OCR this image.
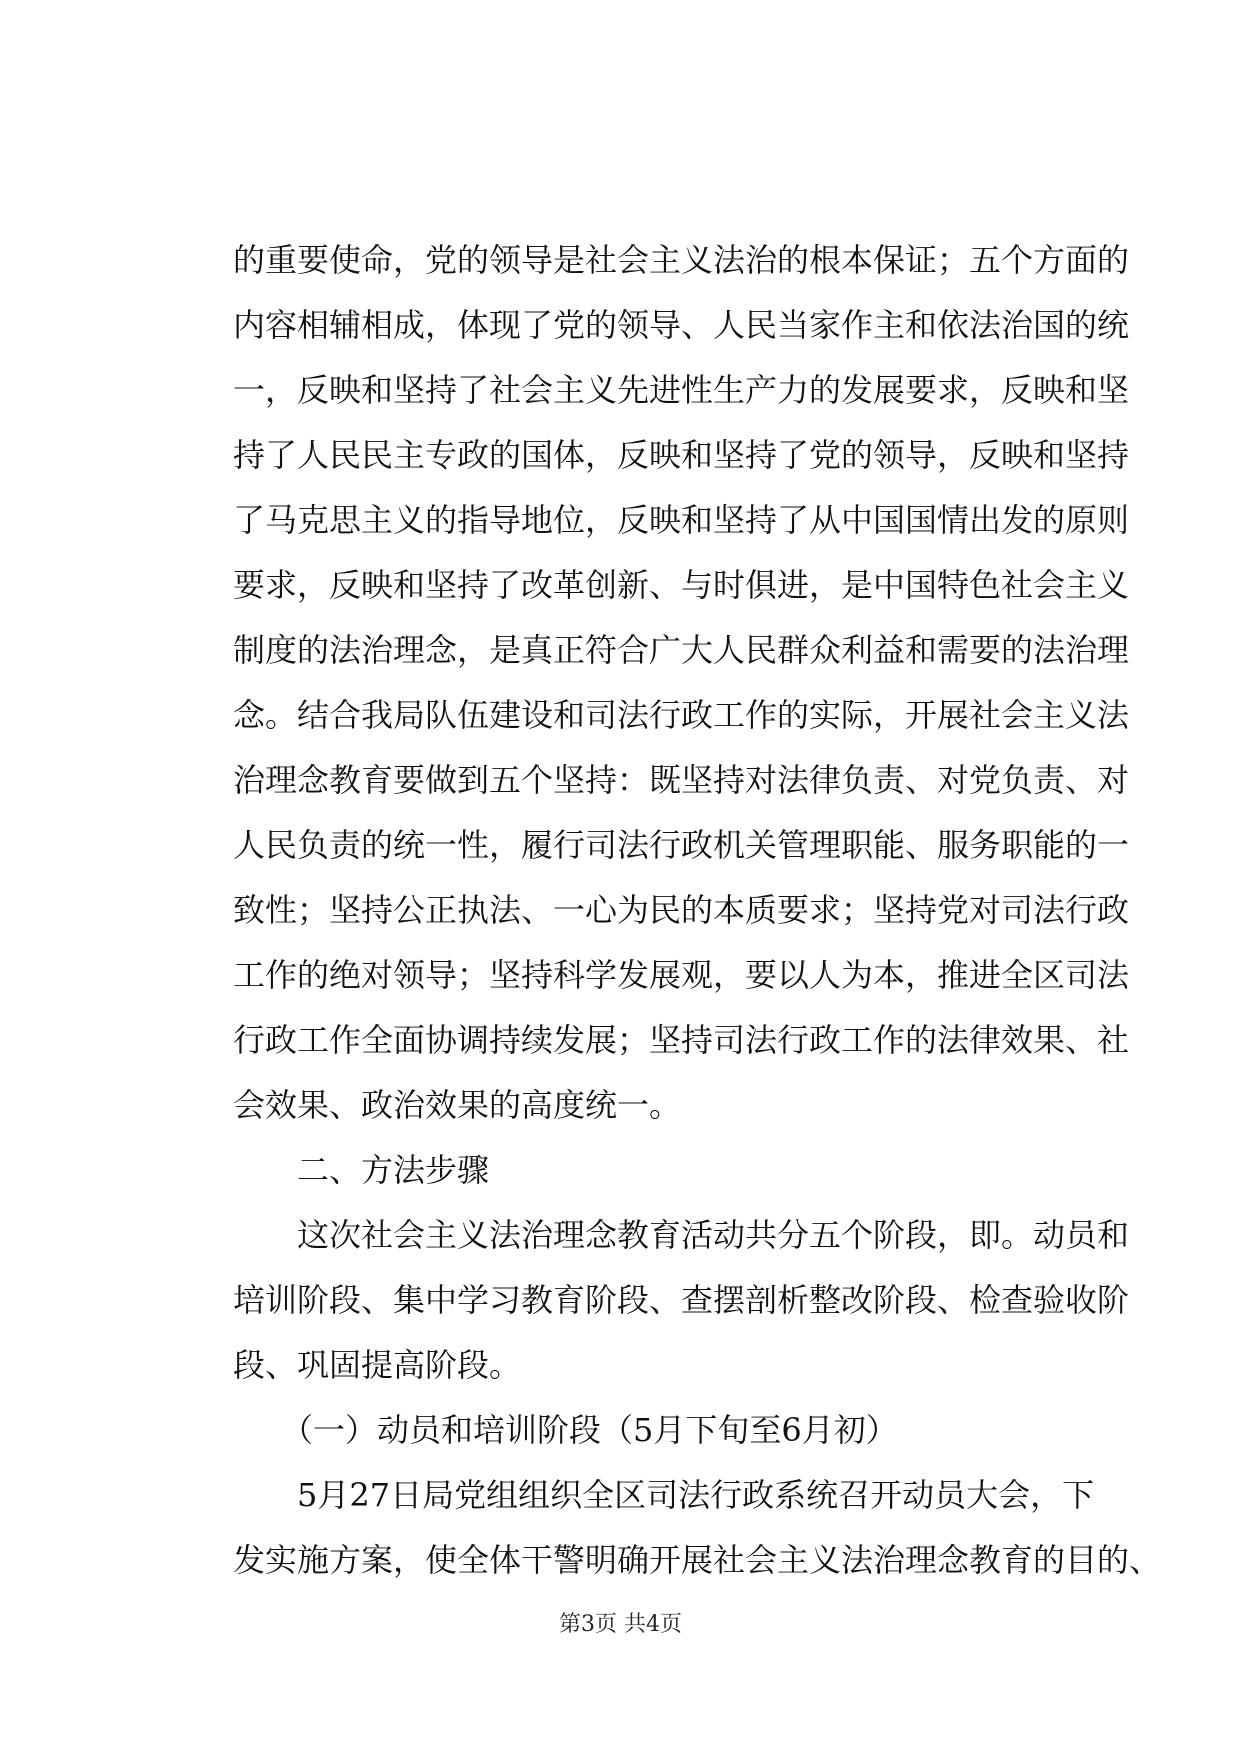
的重要使命，党的领导是社会主义法治的根本保证；五个方面的
内容相辅相成，体现了党的领导、人民当家作主和依法治国的统
一，反映和坚持了社会主义先进性生产力的发展要求，反映和坚
持了人民民主专政的国体，反映和坚持了党的领导，反映和坚持
了马克思主义的指导地位，反映和坚持了从中国国情出发的原则
要求，反映和坚持了改革创新、与时俱进，是中国特色社会主义
制度的法治理念，是真正符合广大人民群众利益和需要的法治理
念。结合我局队伍建设和司法行政工作的实际，开展社会主义法
治理念教育要做到五个坚持：既坚持对法律负责、对党负责、对
人民负责的统一性，履行司法行政机关管理职能、服务职能的一
致性；坚持公正执法、一心为民的本质要求；坚持党对司法行政
工作的绝对领导；坚持科学发展观，要以人为本，推进全区司法
行政工作全面协调持续发展；坚持司法行政工作的法律效果、社
会效果、政治效果的高度统一。
　　二、方法步骤
　　这次社会主义法治理念教育活动共分五个阶段，即。动员和
培训阶段、集中学习教育阶段、查摆剖析整改阶段、检查验收阶
段、巩固提高阶段。
　　（一）动员和培训阶段（5月下旬至6月初）
　　5月27日局党组组织全区司法行政系统召开动员大会，下
发实施方案，使全体干警明确开展社会主义法治理念教育的目的、
第3页 共4页
